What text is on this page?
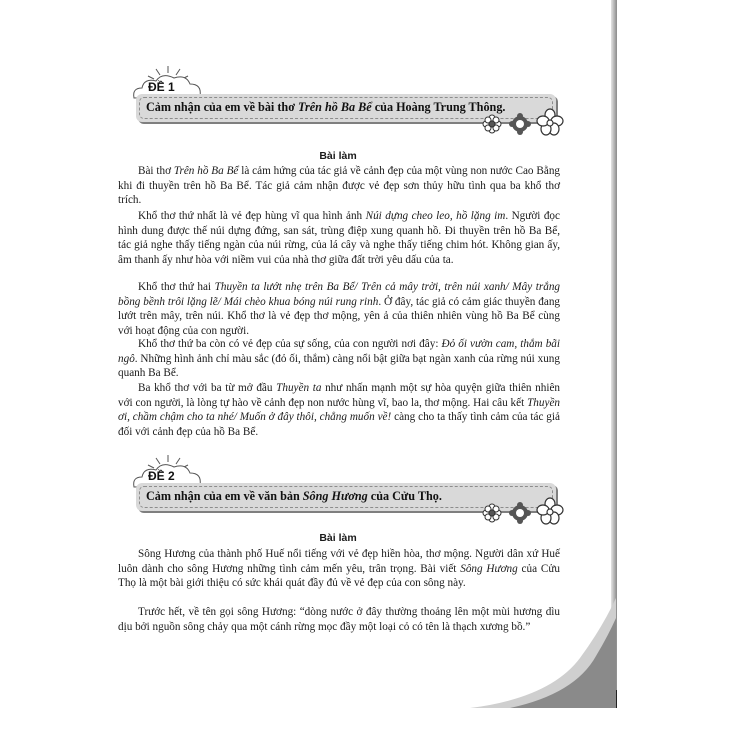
ĐỀ 1
Cảm nhận của em về bài thơ Trên hồ Ba Bể của Hoàng Trung Thông.
Bài làm

Bài thơ Trên hồ Ba Bể là cảm hứng của tác giả về cảnh đẹp của một vùng non nước Cao Bằng khi đi thuyền trên hồ Ba Bể. Tác giả cảm nhận được vẻ đẹp sơn thủy hữu tình qua ba khổ thơ trích.

Khổ thơ thứ nhất là vẻ đẹp hùng vĩ qua hình ảnh Núi dựng cheo leo, hồ lặng im. Người đọc hình dung được thế núi dựng đứng, san sát, trùng điệp xung quanh hồ. Đi thuyền trên hồ Ba Bể, tác giả nghe thấy tiếng ngàn của núi rừng, của lá cây và nghe thấy tiếng chim hót. Không gian ấy, âm thanh ấy như hòa với niềm vui của nhà thơ giữa đất trời yêu dấu của ta.

Khổ thơ thứ hai Thuyền ta lướt nhẹ trên Ba Bể/ Trên cả mây trời, trên núi xanh/ Mây trắng bồng bềnh trôi lặng lẽ/ Mái chèo khua bóng núi rung rinh. Ở đây, tác giả có cảm giác thuyền đang lướt trên mây, trên núi. Khổ thơ là vẻ đẹp thơ mộng, yên ả của thiên nhiên vùng hồ Ba Bể cùng với hoạt động của con người.

Khổ thơ thứ ba còn có vẻ đẹp của sự sống, của con người nơi đây: Đỏ ối vườn cam, thắm bãi ngô. Những hình ảnh chỉ màu sắc (đỏ ối, thắm) càng nổi bật giữa bạt ngàn xanh của rừng núi xung quanh Ba Bể.

Ba khổ thơ với ba từ mở đầu Thuyền ta như nhấn mạnh một sự hòa quyện giữa thiên nhiên với con người, là lòng tự hào về cảnh đẹp non nước hùng vĩ, bao la, thơ mộng. Hai câu kết Thuyền ơi, chầm chậm cho ta nhé/ Muốn ở đây thôi, chẳng muốn về! càng cho ta thấy tình cảm của tác giả đối với cảnh đẹp của hồ Ba Bể.

ĐỀ 2
Cảm nhận của em về văn bản Sông Hương của Cửu Thọ.
Bài làm

Sông Hương của thành phố Huế nổi tiếng với vẻ đẹp hiền hòa, thơ mộng. Người dân xứ Huế luôn dành cho sông Hương những tình cảm mến yêu, trân trọng. Bài viết Sông Hương của Cửu Thọ là một bài giới thiệu có sức khái quát đầy đủ về vẻ đẹp của con sông này.

Trước hết, về tên gọi sông Hương: “dòng nước ở đây thường thoảng lên một mùi hương dìu dịu bởi nguồn sông chảy qua một cánh rừng mọc đầy một loại cỏ có tên là thạch xương bồ.”

7
